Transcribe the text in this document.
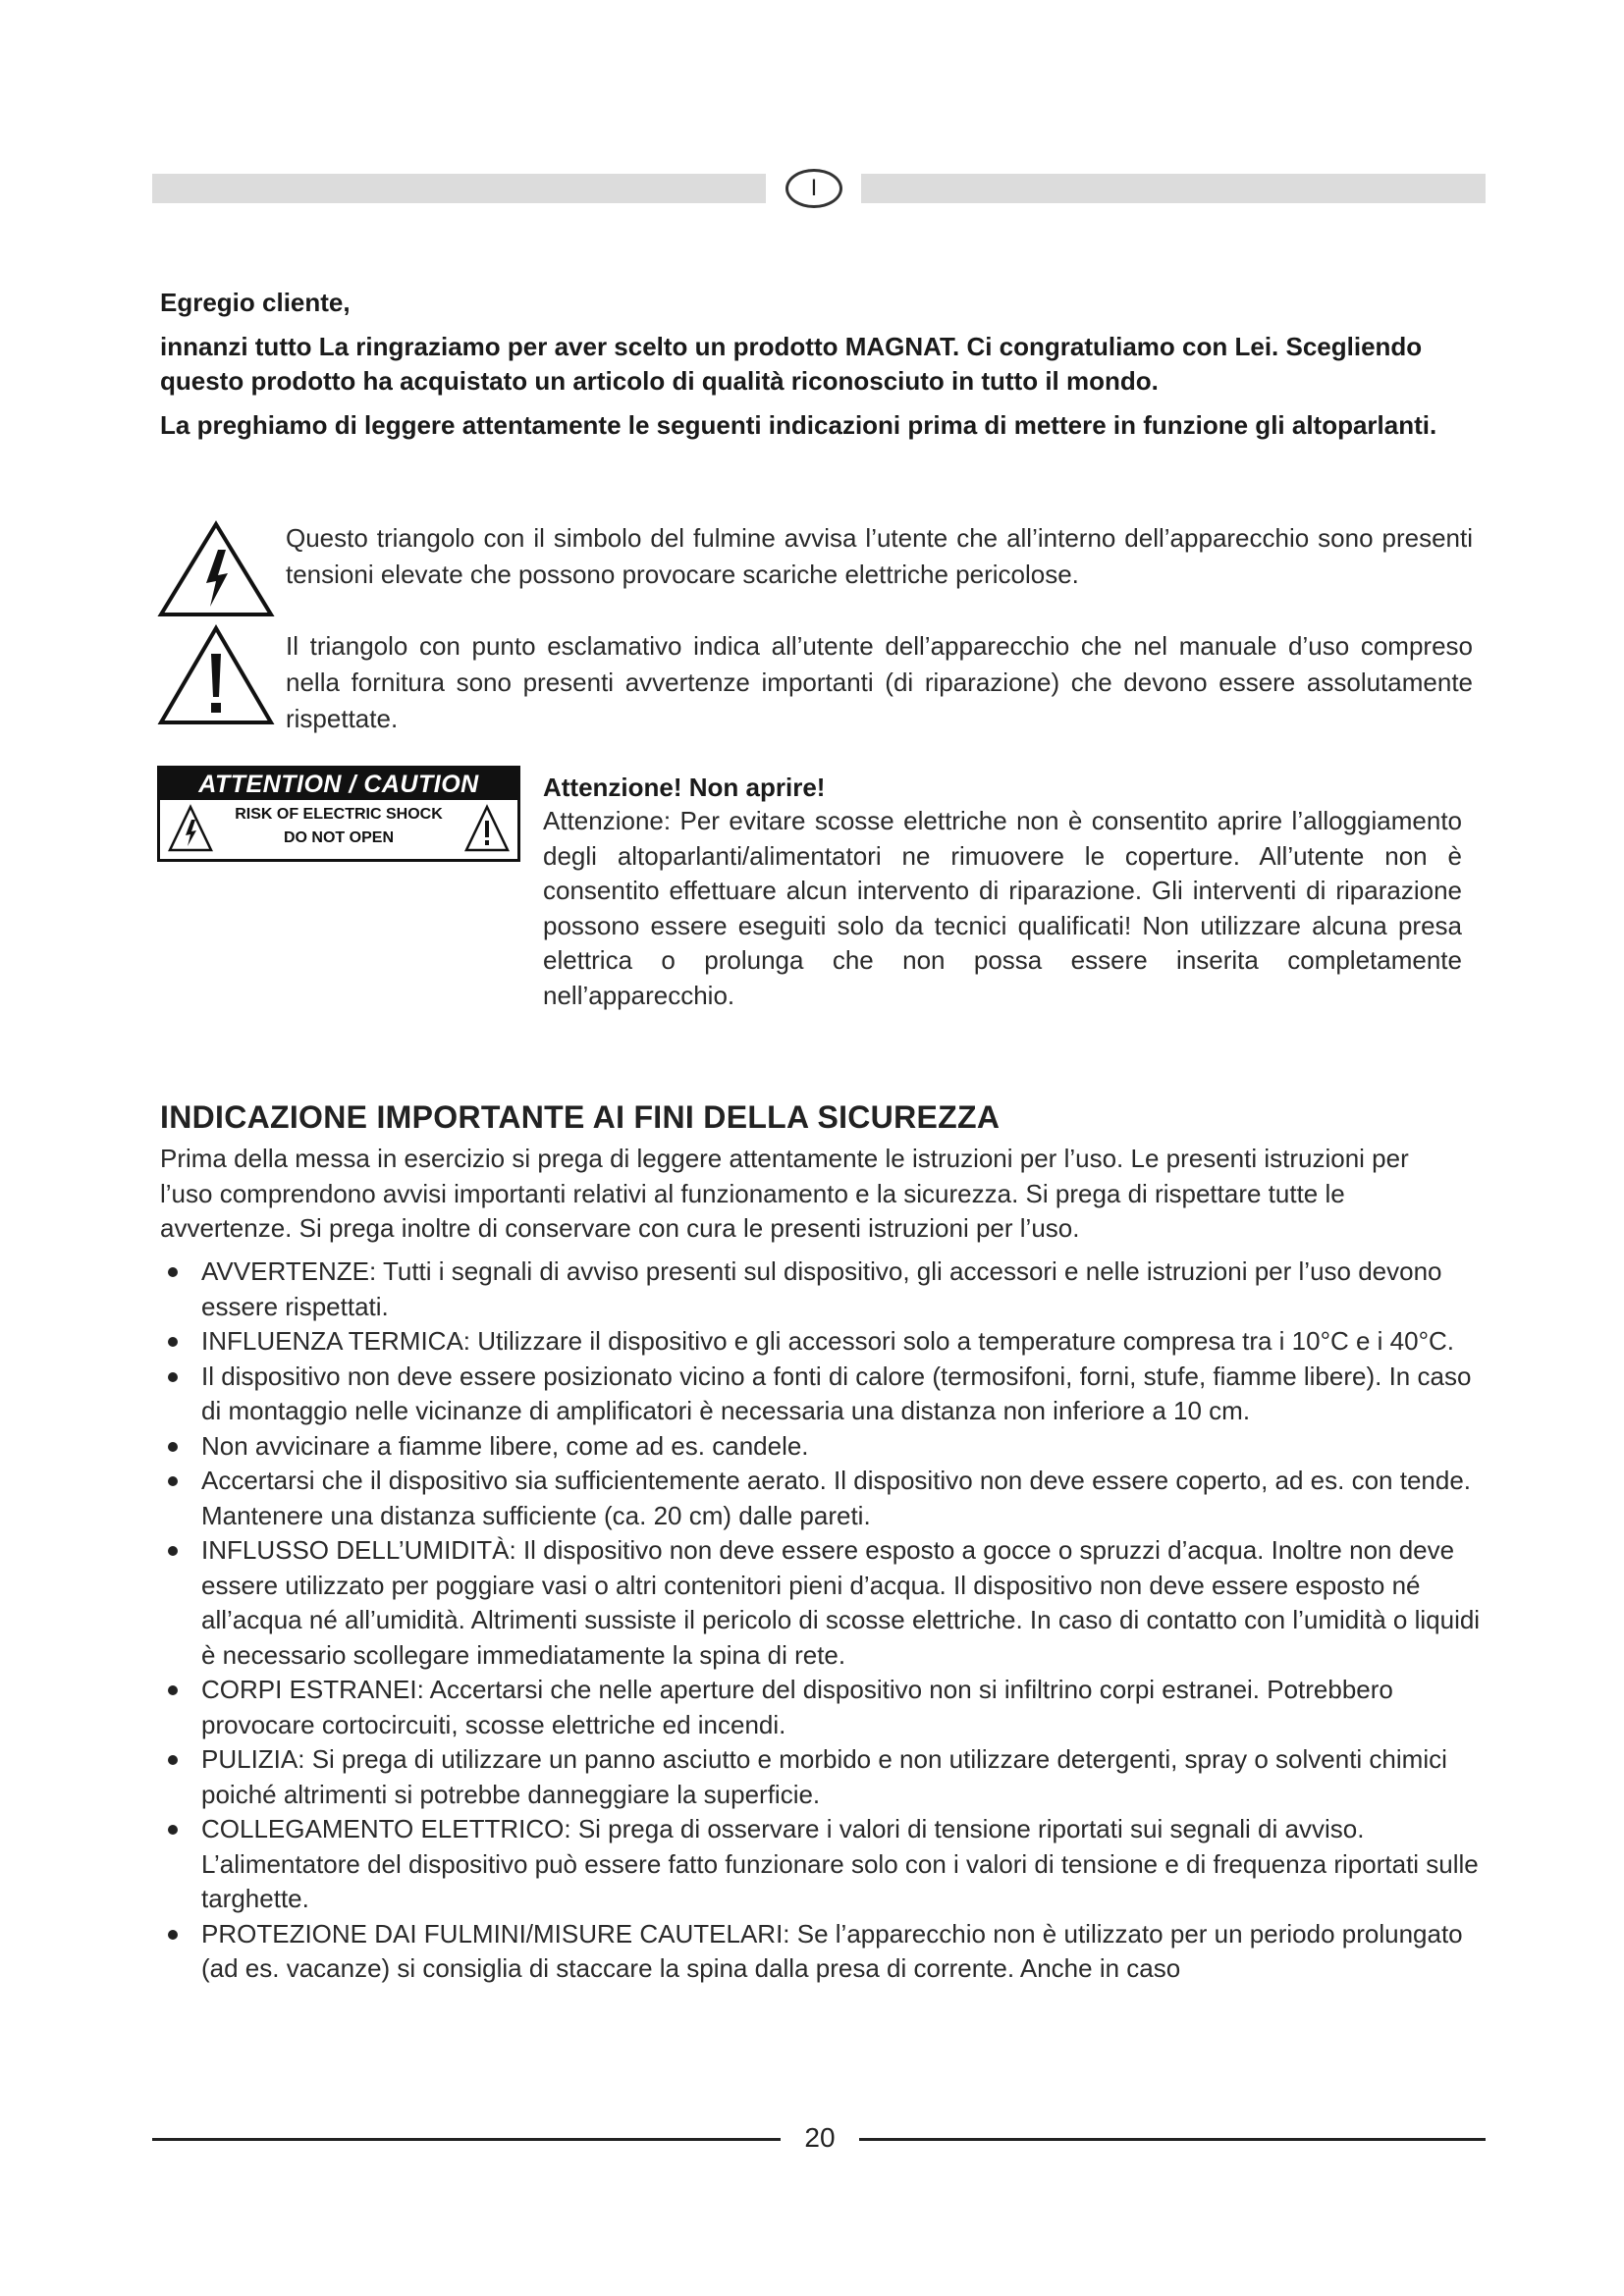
I

Egregio cliente,

innanzi tutto La ringraziamo per aver scelto un prodotto MAGNAT. Ci congratuliamo con Lei. Scegliendo questo prodotto ha acquistato un articolo di qualità riconosciuto in tutto il mondo.

La preghiamo di leggere attentamente le seguenti indicazioni prima di mettere in funzione gli altoparlanti.

Questo triangolo con il simbolo del fulmine avvisa l’utente che all’interno dell’apparecchio sono presenti tensioni elevate che possono provocare scariche elettriche pericolose.
Il triangolo con punto esclamativo indica all’utente dell’apparecchio che nel manuale d’uso compreso nella fornitura sono presenti avvertenze importanti (di riparazione) che devono essere assolutamente rispettate.
ATTENTION / CAUTION
RISK OF ELECTRIC SHOCK
DO NOT OPEN

Attenzione! Non aprire!

Attenzione: Per evitare scosse elettriche non è consentito aprire l’alloggiamento degli altoparlanti/alimentatori ne rimuovere le coperture. All’utente non è consentito effettuare alcun intervento di riparazione. Gli interventi di riparazione possono essere eseguiti solo da tecnici qualificati! Non utilizzare alcuna presa elettrica o prolunga che non possa essere inserita completamente nell’apparecchio.

INDICAZIONE IMPORTANTE AI FINI DELLA SICUREZZA

Prima della messa in esercizio si prega di leggere attentamente le istruzioni per l’uso. Le presenti istruzioni per l’uso comprendono avvisi importanti relativi al funzionamento e la sicurezza. Si prega di rispettare tutte le avvertenze. Si prega inoltre di conservare con cura le presenti istruzioni per l’uso.

AVVERTENZE: Tutti i segnali di avviso presenti sul dispositivo, gli accessori e nelle istruzioni per l’uso devono essere rispettati.
INFLUENZA TERMICA: Utilizzare il dispositivo e gli accessori solo a temperature compresa tra i 10°C e i 40°C.
Il dispositivo non deve essere posizionato vicino a fonti di calore (termosifoni, forni, stufe, fiamme libere). In caso di montaggio nelle vicinanze di amplificatori è necessaria una distanza non inferiore a 10 cm.
Non avvicinare a fiamme libere, come ad es. candele.
Accertarsi che il dispositivo sia sufficientemente aerato. Il dispositivo non deve essere coperto, ad es. con tende. Mantenere una distanza sufficiente (ca. 20 cm) dalle pareti.
INFLUSSO DELL’UMIDITÀ: Il dispositivo non deve essere esposto a gocce o spruzzi d’acqua. Inoltre non deve essere utilizzato per poggiare vasi o altri contenitori pieni d’acqua. Il dispositivo non deve essere esposto né all’acqua né all’umidità. Altrimenti sussiste il pericolo di scosse elettriche. In caso di contatto con l’umidità o liquidi è necessario scollegare immediatamente la spina di rete.
CORPI ESTRANEI: Accertarsi che nelle aperture del dispositivo non si infiltrino corpi estranei. Potrebbero provocare cortocircuiti, scosse elettriche ed incendi.
PULIZIA: Si prega di utilizzare un panno asciutto e morbido e non utilizzare detergenti, spray o solventi chimici poiché altrimenti si potrebbe danneggiare la superficie.
COLLEGAMENTO ELETTRICO: Si prega di osservare i valori di tensione riportati sui segnali di avviso. L’alimentatore del dispositivo può essere fatto funzionare solo con i valori di tensione e di frequenza riportati sulle targhette.
PROTEZIONE DAI FULMINI/MISURE CAUTELARI: Se l’apparecchio non è utilizzato per un periodo prolungato (ad es. vacanze) si consiglia di staccare la spina dalla presa di corrente. Anche in caso
20
